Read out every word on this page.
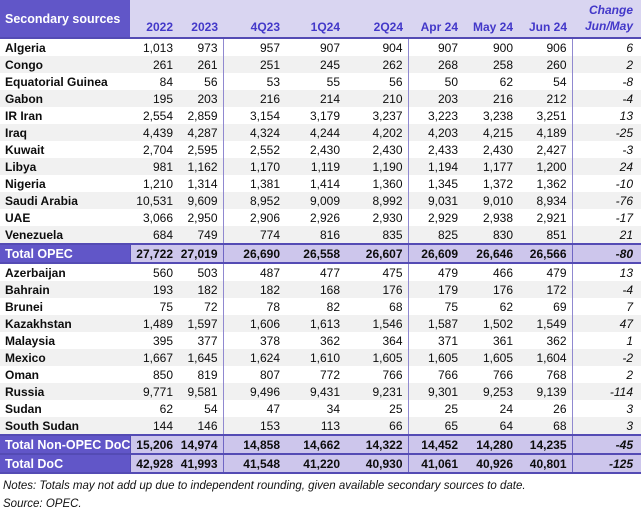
Secondary sources	2022	2023	4Q23	1Q24	2Q24	Apr 24	May 24	Jun 24	Change
Jun/May

Algeria	1,013	973	957	907	904	907	900	906	6
Congo	261	261	251	245	262	268	258	260	2
Equatorial Guinea	84	56	53	55	56	50	62	54	-8
Gabon	195	203	216	214	210	203	216	212	-4
IR Iran	2,554	2,859	3,154	3,179	3,237	3,223	3,238	3,251	13
Iraq	4,439	4,287	4,324	4,244	4,202	4,203	4,215	4,189	-25
Kuwait	2,704	2,595	2,552	2,430	2,430	2,433	2,430	2,427	-3
Libya	981	1,162	1,170	1,119	1,190	1,194	1,177	1,200	24
Nigeria	1,210	1,314	1,381	1,414	1,360	1,345	1,372	1,362	-10
Saudi Arabia	10,531	9,609	8,952	9,009	8,992	9,031	9,010	8,934	-76
UAE	3,066	2,950	2,906	2,926	2,930	2,929	2,938	2,921	-17
Venezuela	684	749	774	816	835	825	830	851	21
Total OPEC	27,722	27,019	26,690	26,558	26,607	26,609	26,646	26,566	-80
Azerbaijan	560	503	487	477	475	479	466	479	13
Bahrain	193	182	182	168	176	179	176	172	-4
Brunei	75	72	78	82	68	75	62	69	7
Kazakhstan	1,489	1,597	1,606	1,613	1,546	1,587	1,502	1,549	47
Malaysia	395	377	378	362	364	371	361	362	1
Mexico	1,667	1,645	1,624	1,610	1,605	1,605	1,605	1,604	-2
Oman	850	819	807	772	766	766	766	768	2
Russia	9,771	9,581	9,496	9,431	9,231	9,301	9,253	9,139	-114
Sudan	62	54	47	34	25	25	24	26	3
South Sudan	144	146	153	113	66	65	64	68	3
Total Non-OPEC DoC	15,206	14,974	14,858	14,662	14,322	14,452	14,280	14,235	-45
Total DoC	42,928	41,993	41,548	41,220	40,930	41,061	40,926	40,801	-125
Notes: Totals may not add up due to independent rounding, given available secondary sources to date.
Source: OPEC.
